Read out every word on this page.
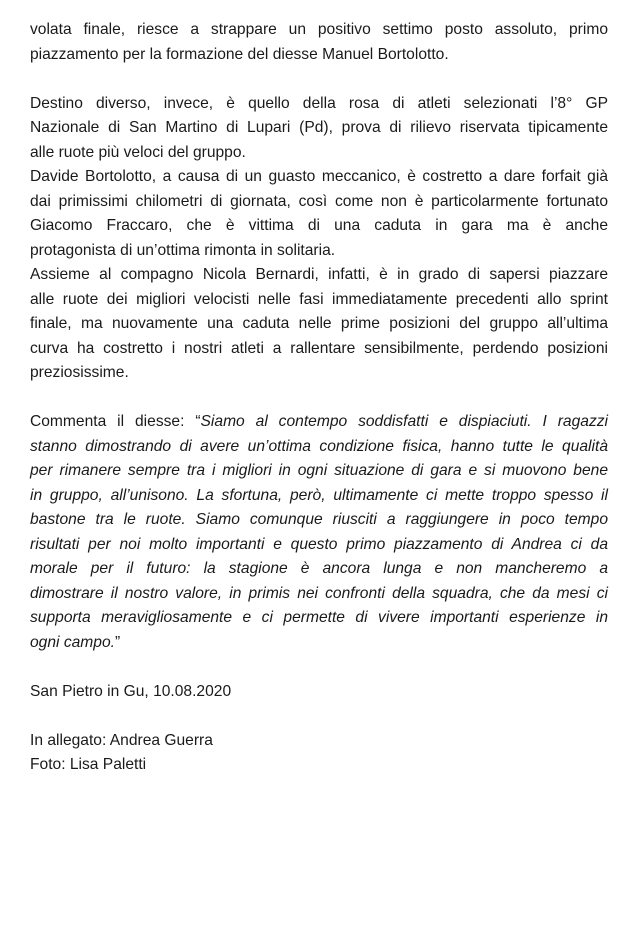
volata finale, riesce a strappare un positivo settimo posto assoluto, primo
piazzamento per la formazione del diesse Manuel Bortolotto.
Destino diverso, invece, è quello della rosa di atleti selezionati l’8° GP
Nazionale di San Martino di Lupari (Pd), prova di rilievo riservata tipicamente
alle ruote più veloci del gruppo.
Davide Bortolotto, a causa di un guasto meccanico, è costretto a dare forfait già
dai primissimi chilometri di giornata, così come non è particolarmente fortunato
Giacomo Fraccaro, che è vittima di una caduta in gara ma è anche
protagonista di un’ottima rimonta in solitaria.
Assieme al compagno Nicola Bernardi, infatti, è in grado di sapersi piazzare
alle ruote dei migliori velocisti nelle fasi immediatamente precedenti allo sprint
finale, ma nuovamente una caduta nelle prime posizioni del gruppo all’ultima
curva ha costretto i nostri atleti a rallentare sensibilmente, perdendo posizioni
preziosissime.
Commenta il diesse: “Siamo al contempo soddisfatti e dispiaciuti. I ragazzi
stanno dimostrando di avere un’ottima condizione fisica, hanno tutte le qualità
per rimanere sempre tra i migliori in ogni situazione di gara e si muovono bene
in gruppo, all’unisono. La sfortuna, però, ultimamente ci mette troppo spesso il
bastone tra le ruote. Siamo comunque riusciti a raggiungere in poco tempo
risultati per noi molto importanti e questo primo piazzamento di Andrea ci da
morale per il futuro: la stagione è ancora lunga e non mancheremo a
dimostrare il nostro valore, in primis nei confronti della squadra, che da mesi ci
supporta meravigliosamente e ci permette di vivere importanti esperienze in
ogni campo.”
San Pietro in Gu, 10.08.2020
In allegato: Andrea Guerra
Foto: Lisa Paletti
